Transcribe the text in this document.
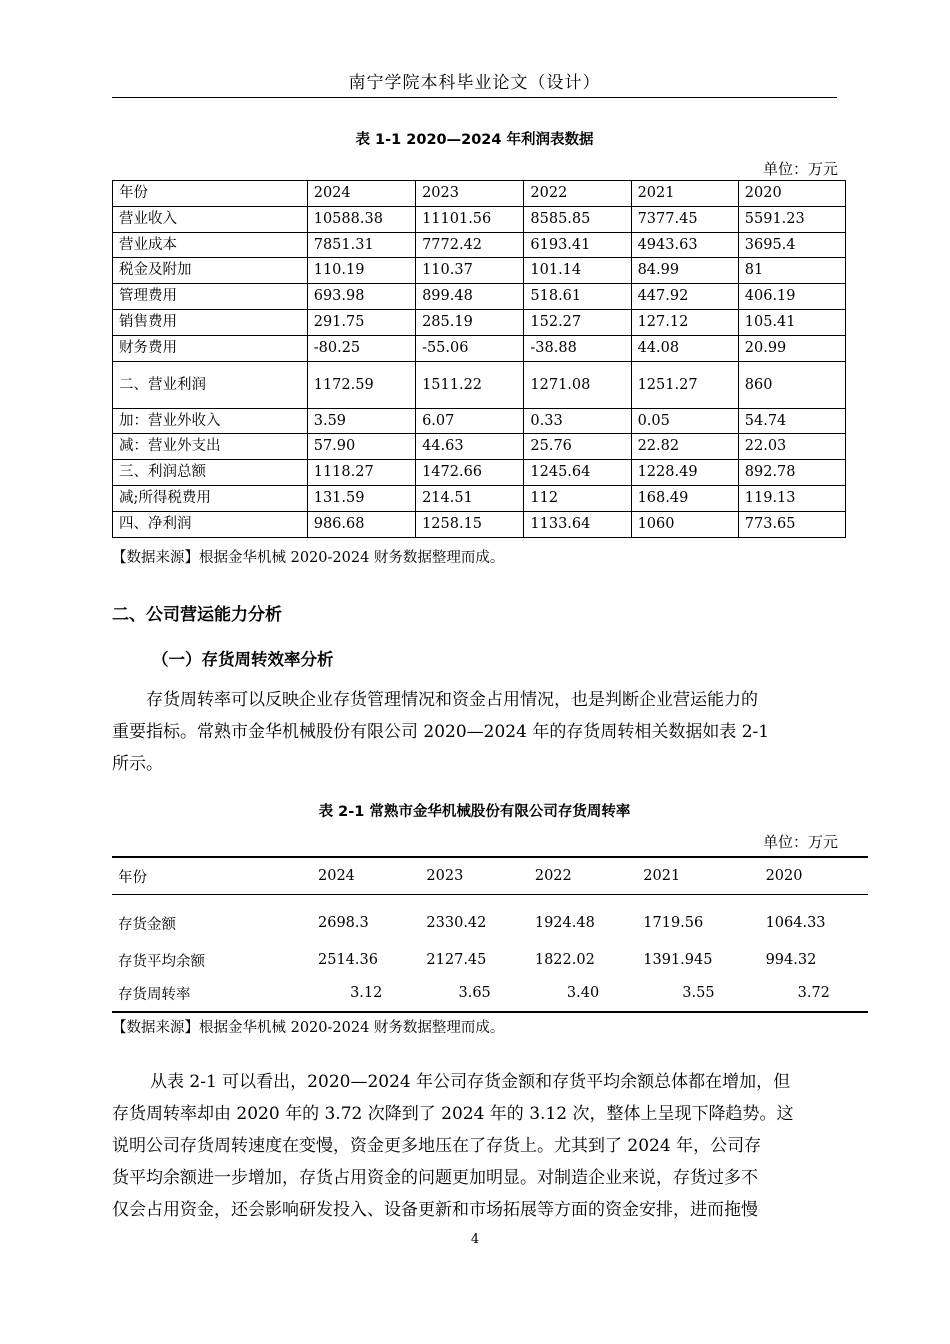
南宁学院本科毕业论文（设计）
表 1-1 2020—2024 年利润表数据
单位：万元
年份	2024	2023	2022	2021	2020
营业收入	10588.38	11101.56	8585.85	7377.45	5591.23
营业成本	7851.31	7772.42	6193.41	4943.63	3695.4
税金及附加	110.19	110.37	101.14	84.99	81
管理费用	693.98	899.48	518.61	447.92	406.19
销售费用	291.75	285.19	152.27	127.12	105.41
财务费用	-80.25	-55.06	-38.88	44.08	20.99
二、营业利润	1172.59	1511.22	1271.08	1251.27	860
加：营业外收入	3.59	6.07	0.33	0.05	54.74
减：营业外支出	57.90	44.63	25.76	22.82	22.03
三、利润总额	1118.27	1472.66	1245.64	1228.49	892.78
减;所得税费用	131.59	214.51	112	168.49	119.13
四、净利润	986.68	1258.15	1133.64	1060	773.65
【数据来源】根据金华机械 2020-2024 财务数据整理而成。
二、公司营运能力分析
（一）存货周转效率分析
存货周转率可以反映企业存货管理情况和资金占用情况，也是判断企业营运能力的
重要指标。常熟市金华机械股份有限公司 2020—2024 年的存货周转相关数据如表 2-1
所示。
表 2-1 常熟市金华机械股份有限公司存货周转率
单位：万元
年份	2024	2023	2022	2021	2020
存货金额	2698.3	2330.42	1924.48	1719.56	1064.33
存货平均余额	2514.36	2127.45	1822.02	1391.945	994.32
存货周转率	3.12	3.65	3.40	3.55	3.72
【数据来源】根据金华机械 2020-2024 财务数据整理而成。
从表 2-1 可以看出，2020—2024 年公司存货金额和存货平均余额总体都在增加，但
存货周转率却由 2020 年的 3.72 次降到了 2024 年的 3.12 次，整体上呈现下降趋势。这
说明公司存货周转速度在变慢，资金更多地压在了存货上。尤其到了 2024 年，公司存
货平均余额进一步增加，存货占用资金的问题更加明显。对制造企业来说，存货过多不
仅会占用资金，还会影响研发投入、设备更新和市场拓展等方面的资金安排，进而拖慢
4
